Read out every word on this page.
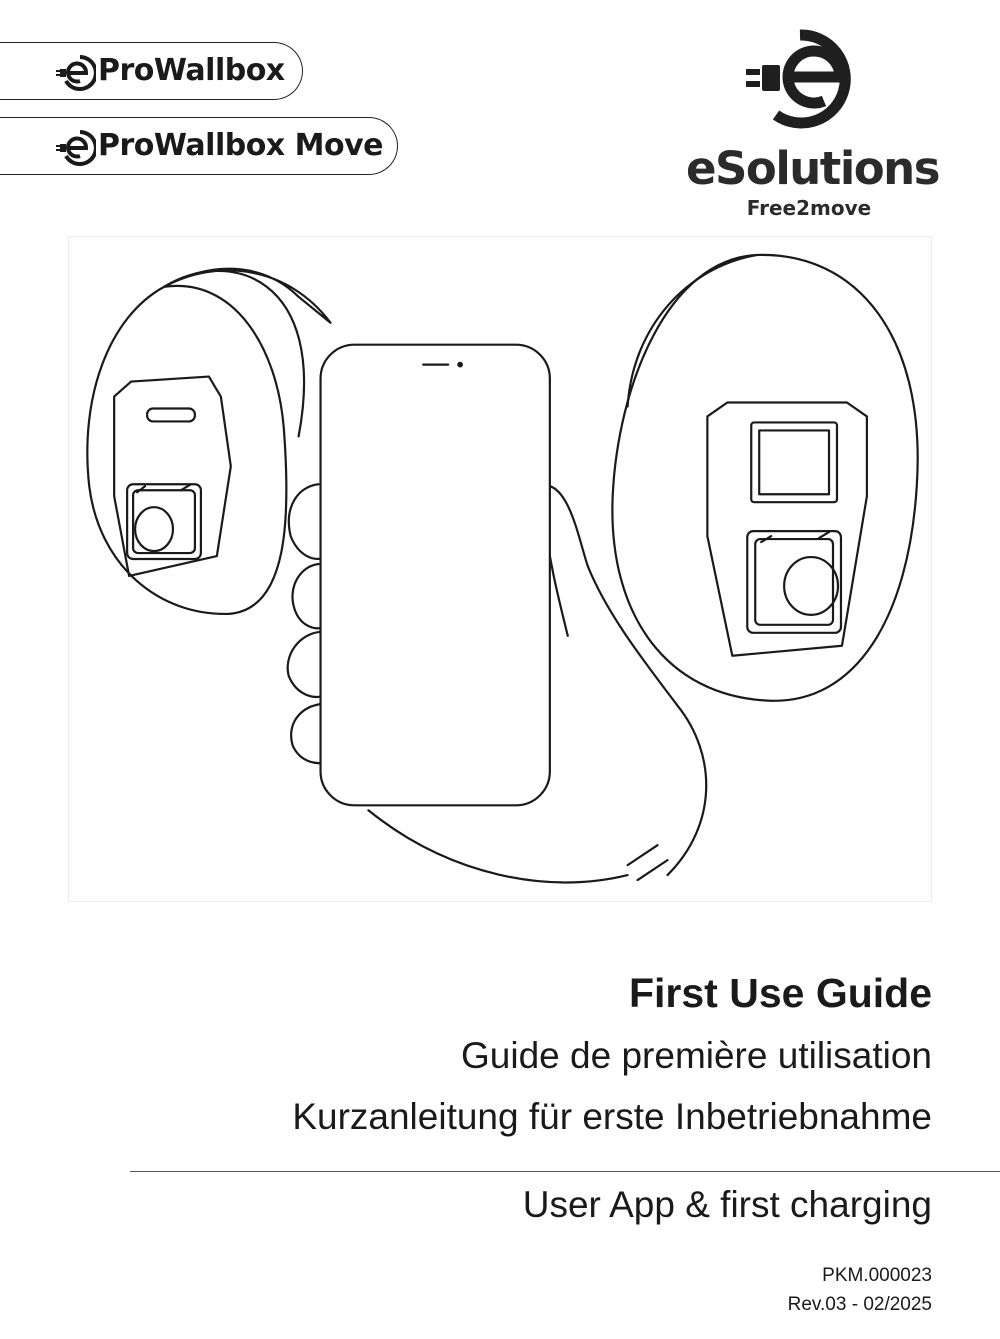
ProWallbox
ProWallbox Move	eSolutions
Free2move
First Use Guide
Guide de première utilisation
Kurzanleitung für erste Inbetriebnahme
User App & first charging
PKM.000023
Rev.03 - 02/2025
